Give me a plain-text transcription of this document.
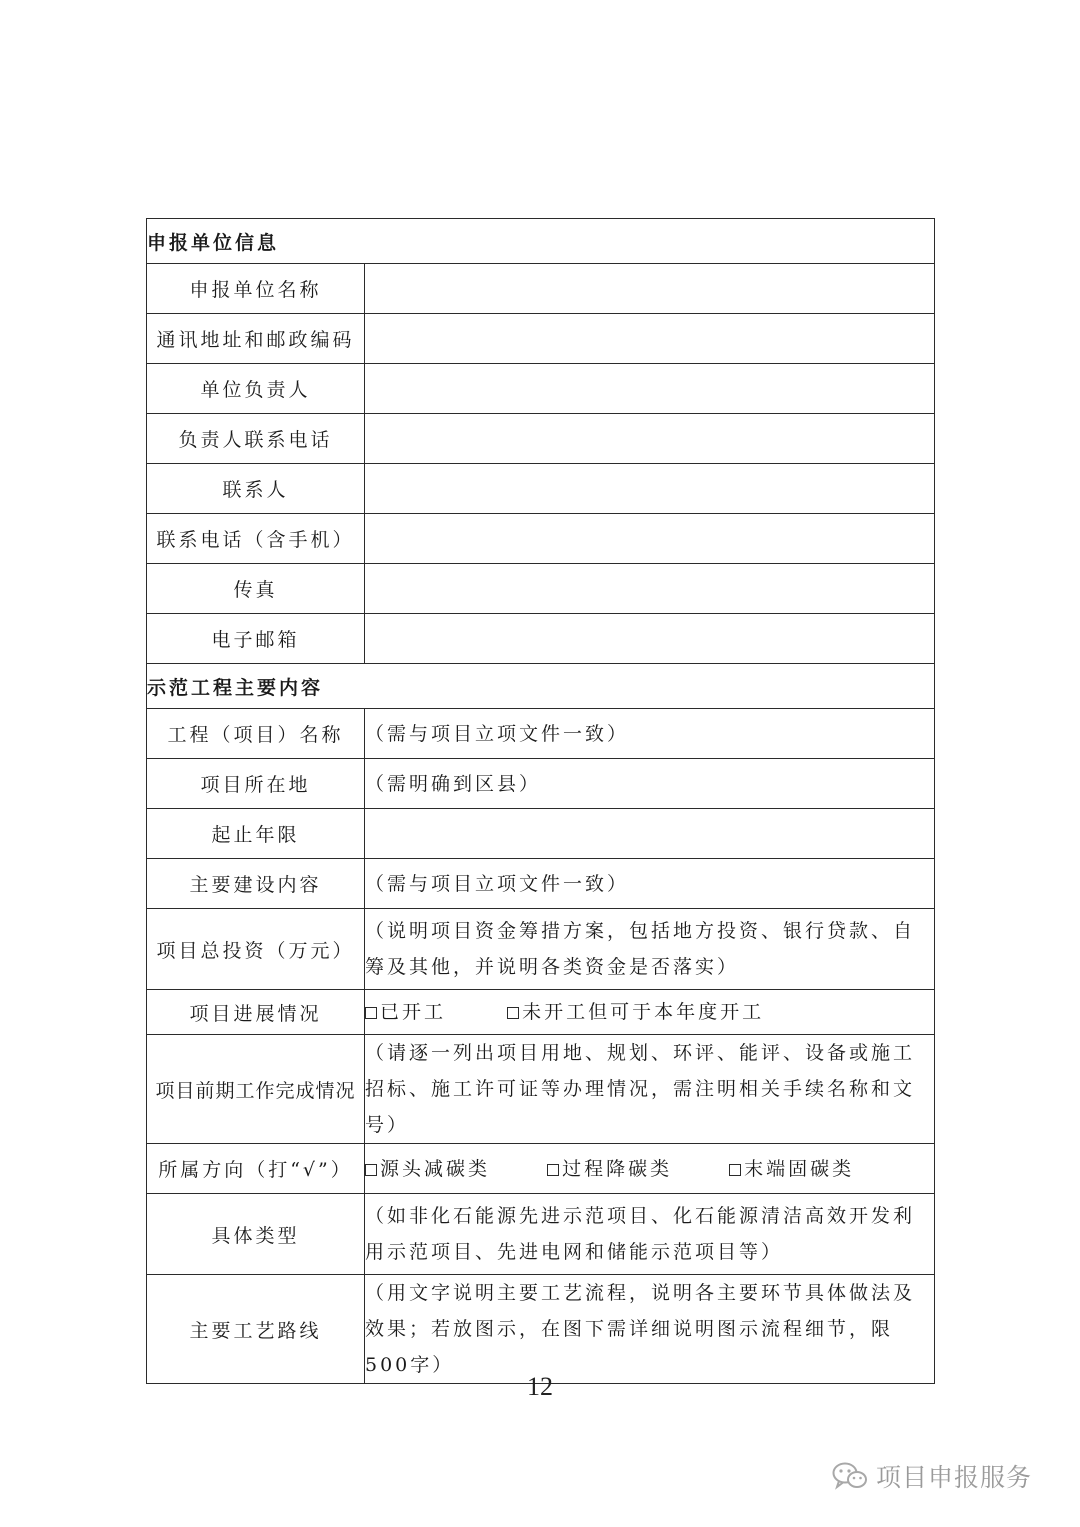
申报单位信息	
申报单位名称	
通讯地址和邮政编码	
单位负责人	
负责人联系电话	
联系人	
联系电话（含手机）	
传真	
电子邮箱	
示范工程主要内容	
工程（项目）名称	（需与项目立项文件一致）
项目所在地	（需明确到区县）
起止年限	
主要建设内容	（需与项目立项文件一致）
项目总投资（万元）	（说明项目资金筹措方案，包括地方投资、银行贷款、自筹及其他，并说明各类资金是否落实）
项目进展情况	已开工 未开工但可于本年度开工
项目前期工作完成情况	（请逐一列出项目用地、规划、环评、能评、设备或施工招标、施工许可证等办理情况，需注明相关手续名称和文号）
所属方向（打“√”）	源头减碳类 过程降碳类 末端固碳类
具体类型	（如非化石能源先进示范项目、化石能源清洁高效开发利用示范项目、先进电网和储能示范项目等）
主要工艺路线	（用文字说明主要工艺流程，说明各主要环节具体做法及效果；若放图示，在图下需详细说明图示流程细节，限500字）
12
项目申报服务
